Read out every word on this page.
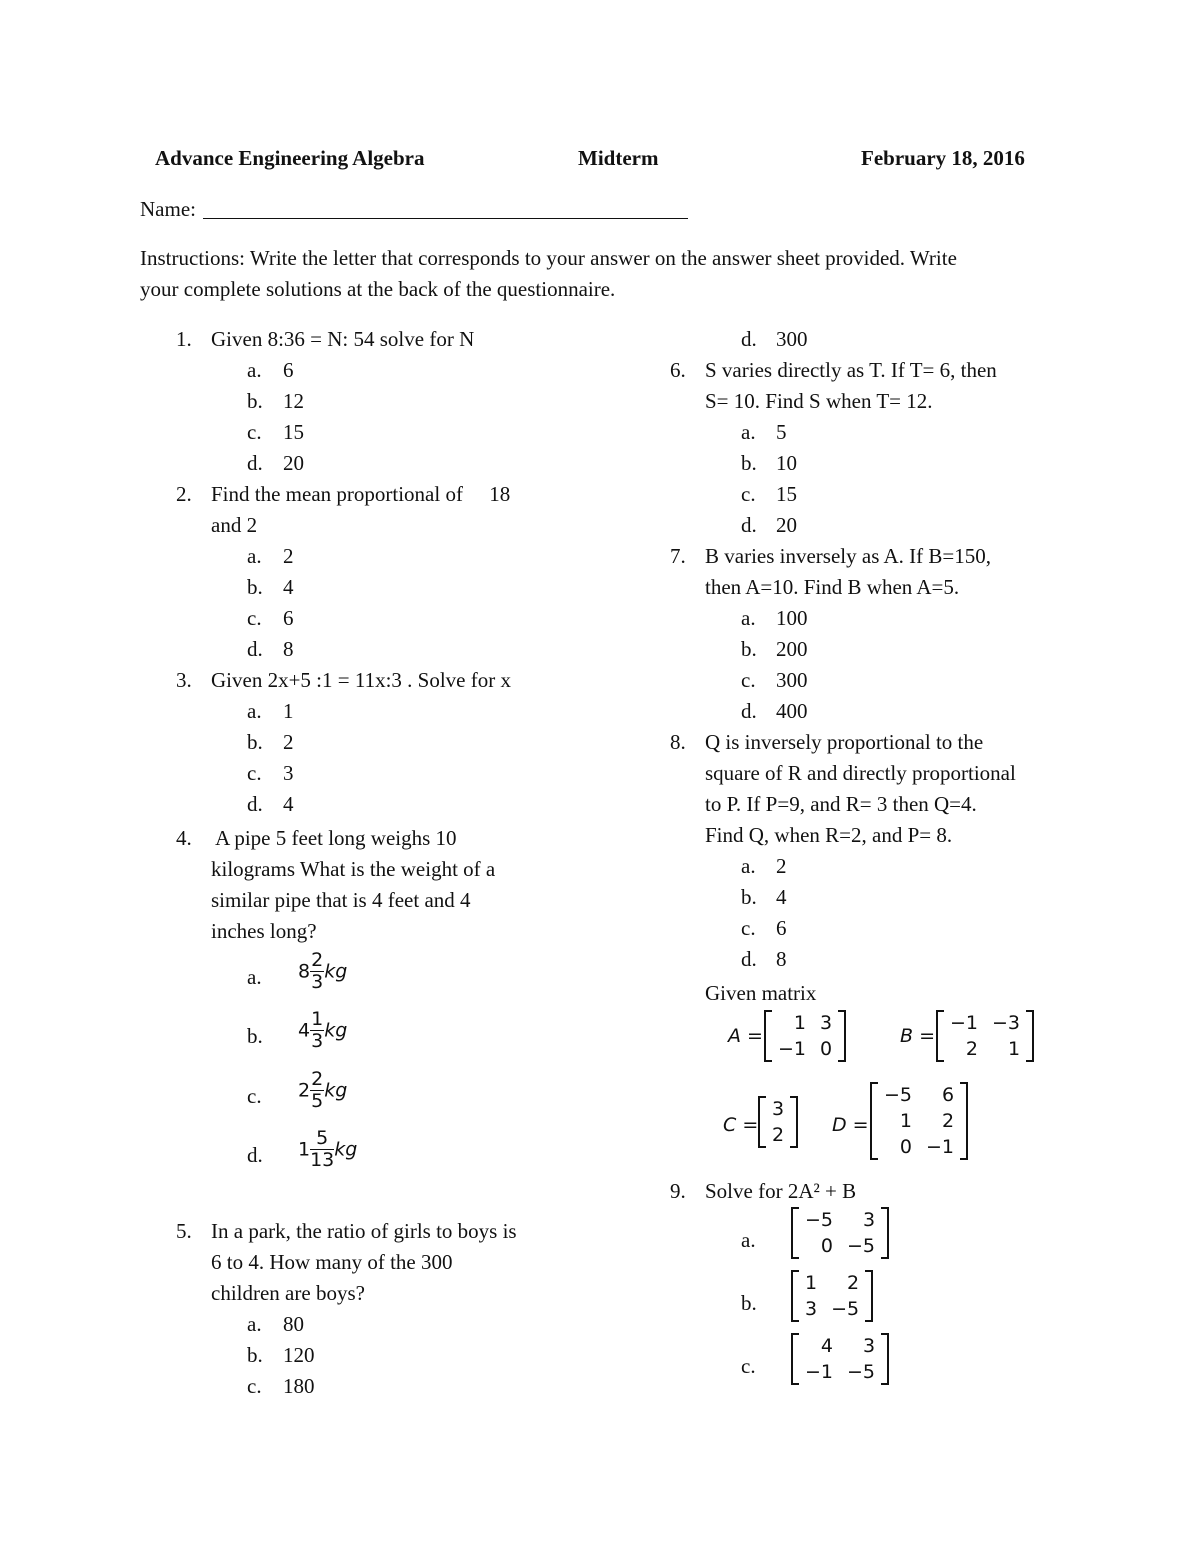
Advance Engineering Algebra	Midterm	February 18, 2016
Name:
Instructions: Write the letter that corresponds to your answer on the answer sheet provided. Write
your complete solutions at the back of the questionnaire.
1. Given 8:36 = N: 54 solve for N
a. 6
b. 12
c. 15
d. 20
2. Find the mean proportional of     18
and 2
a. 2
b. 4
c. 6
d. 8
3. Given 2x+5 :1 = 11x:3 . Solve for x
a. 1
b. 2
c. 3
d. 4
4. A pipe 5 feet long weighs 10
kilograms What is the weight of a
similar pipe that is 4 feet and 4
inches long?
a. $8 \frac{2}{3}$ kg
b. $4 \frac{1}{3}$ kg
c. $2 \frac{2}{5}$ kg
d. $1 \frac{5}{13}$ kg
5. In a park, the ratio of girls to boys is
6 to 4. How many of the 300
children are boys?
a. 80
b. 120
c. 180
d. 300
6. S varies directly as T. If T= 6, then
S= 10. Find S when T= 12.
a. 5
b. 10
c. 15
d. 20
7. B varies inversely as A. If B=150,
then A=10. Find B when A=5.
a. 100
b. 200
c. 300
d. 400
8. Q is inversely proportional to the
square of R and directly proportional
to P. If P=9, and R= 3 then Q=4.
Find Q, when R=2, and P= 8.
a. 2
b. 4
c. 6
d. 8
Given matrix
A =
1 3
−1 0
B =
−1 −3
2	1
C =
3
2	D =
−5	6
1	2
0 −1
9. Solve for 2A² + B
a.
−5	3
0 −5
b.
1	2
3 −5
c.
4	3
−1 −5
